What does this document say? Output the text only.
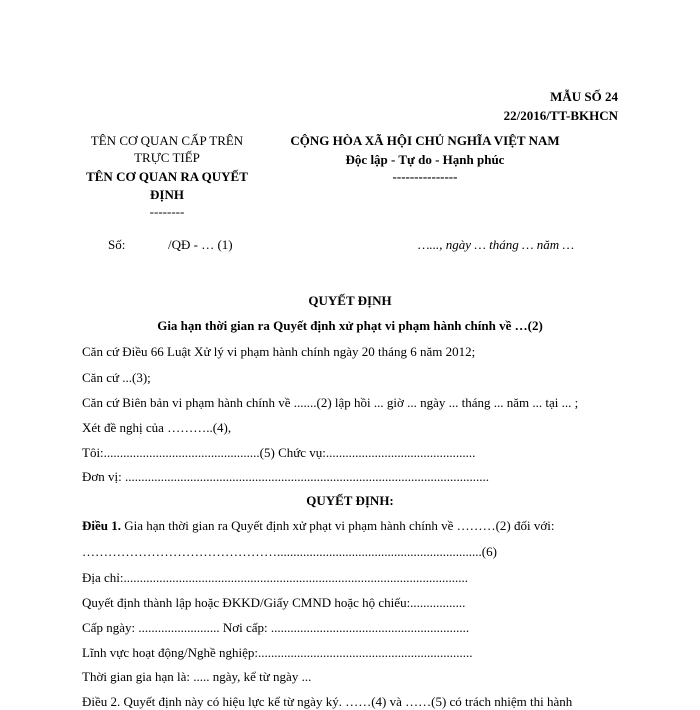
MẪU SỐ 24
22/2016/TT-BKHCN
TÊN CƠ QUAN CẤP TRÊN
TRỰC TIẾP
TÊN CƠ QUAN RA QUYẾT
ĐỊNH
--------
CỘNG HÒA XÃ HỘI CHỦ NGHĨA VIỆT NAM
Độc lập - Tự do - Hạnh phúc
---------------
Số:	/QĐ - … (1)	…..., ngày … tháng … năm …
QUYẾT ĐỊNH
Gia hạn thời gian ra Quyết định xử phạt vi phạm hành chính về …(2)
Căn cứ Điều 66 Luật Xử lý vi phạm hành chính ngày 20 tháng 6 năm 2012;
Căn cứ ...(3);
Căn cứ Biên bản vi phạm hành chính về .......(2) lập hồi ... giờ ... ngày ... tháng ... năm ... tại ... ;
Xét đề nghị của ………..(4),
Tôi:................................................(5) Chức vụ:..............................................
Đơn vị: ................................................................................................................
QUYẾT ĐỊNH:
Điều 1. Gia hạn thời gian ra Quyết định xử phạt vi phạm hành chính về ………(2) đối với:
………………………………………...............................................................(6)
Địa chỉ:..........................................................................................................
Quyết định thành lập hoặc ĐKKD/Giấy CMND hoặc hộ chiếu:.................
Cấp ngày: ......................... Nơi cấp: .............................................................
Lĩnh vực hoạt động/Nghề nghiệp:..................................................................
Thời gian gia hạn là: ..... ngày, kể từ ngày ...
Điều 2. Quyết định này có hiệu lực kể từ ngày ký. ……(4) và ……(5) có trách nhiệm thi hành
